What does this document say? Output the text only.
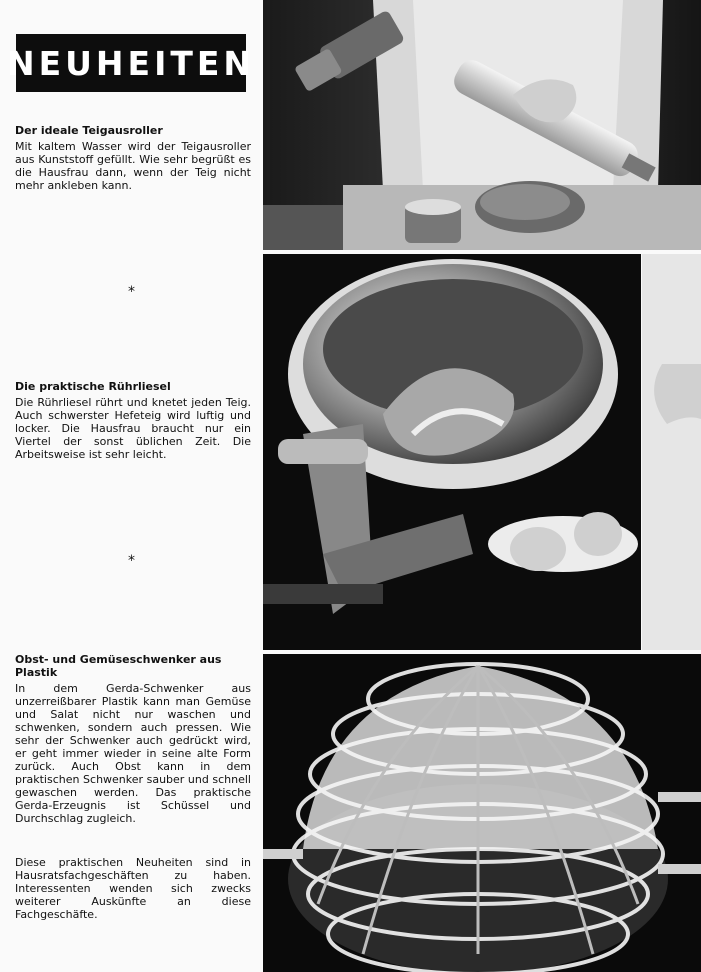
NEUHEITEN
Der ideale Teigausroller

Mit kaltem Wasser wird der Teigausroller aus Kunststoff gefüllt. Wie sehr begrüßt es die Hausfrau dann, wenn der Teig nicht mehr ankleben kann.

*
Die praktische Rührliesel

Die Rührliesel rührt und knetet jeden Teig. Auch schwerster Hefeteig wird luftig und locker. Die Hausfrau braucht nur ein Viertel der sonst üblichen Zeit. Die Arbeitsweise ist sehr leicht.

*
Obst- und Gemüseschwenker aus Plastik

In dem Gerda-Schwenker aus unzerreißbarer Plastik kann man Gemüse und Salat nicht nur waschen und schwenken, sondern auch pressen. Wie sehr der Schwenker auch gedrückt wird, er geht immer wieder in seine alte Form zurück. Auch Obst kann in dem praktischen Schwenker sauber und schnell gewaschen werden. Das praktische Gerda-Erzeugnis ist Schüssel und Durchschlag zugleich.

Diese praktischen Neuheiten sind in Hausratsfachgeschäften zu haben. Interessenten wenden sich zwecks weiterer Auskünfte an diese Fachgeschäfte.
